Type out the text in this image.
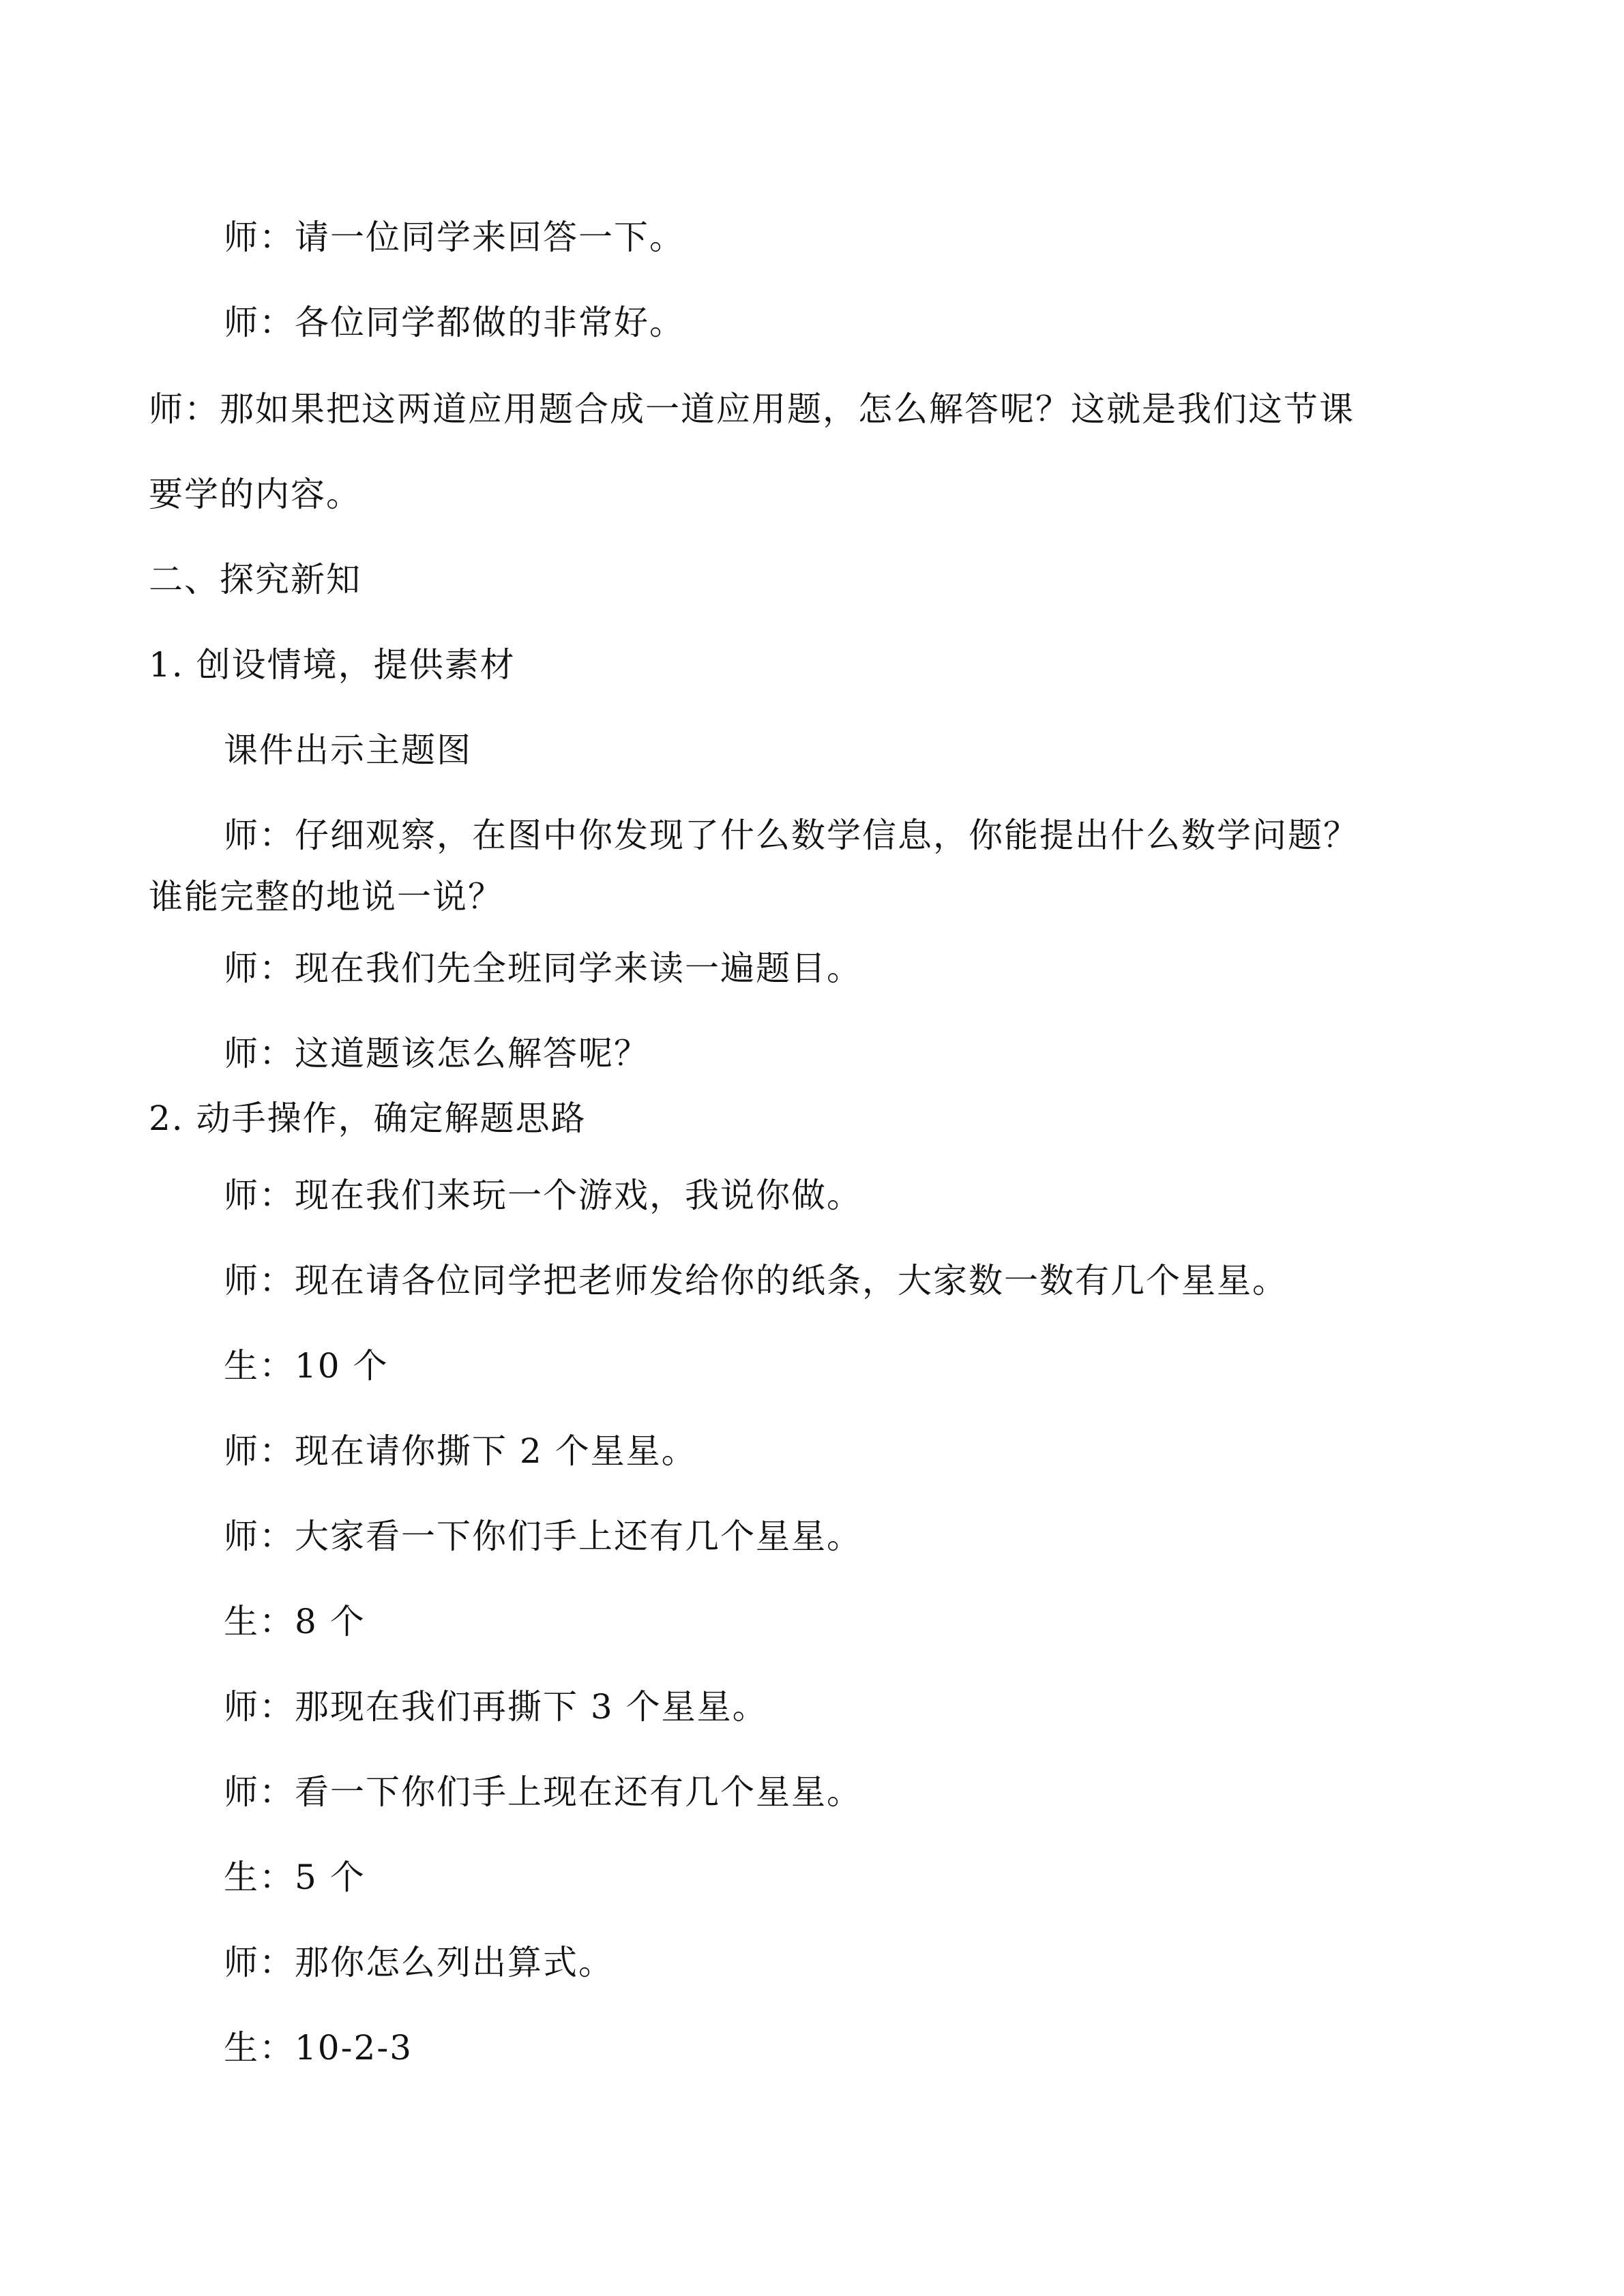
师：请一位同学来回答一下。
师：各位同学都做的非常好。
师：那如果把这两道应用题合成一道应用题，怎么解答呢？这就是我们这节课
要学的内容。
二、探究新知
1. 创设情境，提供素材
课件出示主题图
师：仔细观察，在图中你发现了什么数学信息，你能提出什么数学问题？
谁能完整的地说一说？
师：现在我们先全班同学来读一遍题目。
师：这道题该怎么解答呢？
2. 动手操作，确定解题思路
师：现在我们来玩一个游戏，我说你做。
师：现在请各位同学把老师发给你的纸条，大家数一数有几个星星。
生：10 个
师：现在请你撕下 2 个星星。
师：大家看一下你们手上还有几个星星。
生：8 个
师：那现在我们再撕下 3 个星星。
师：看一下你们手上现在还有几个星星。
生：5 个
师：那你怎么列出算式。
生：10-2-3
